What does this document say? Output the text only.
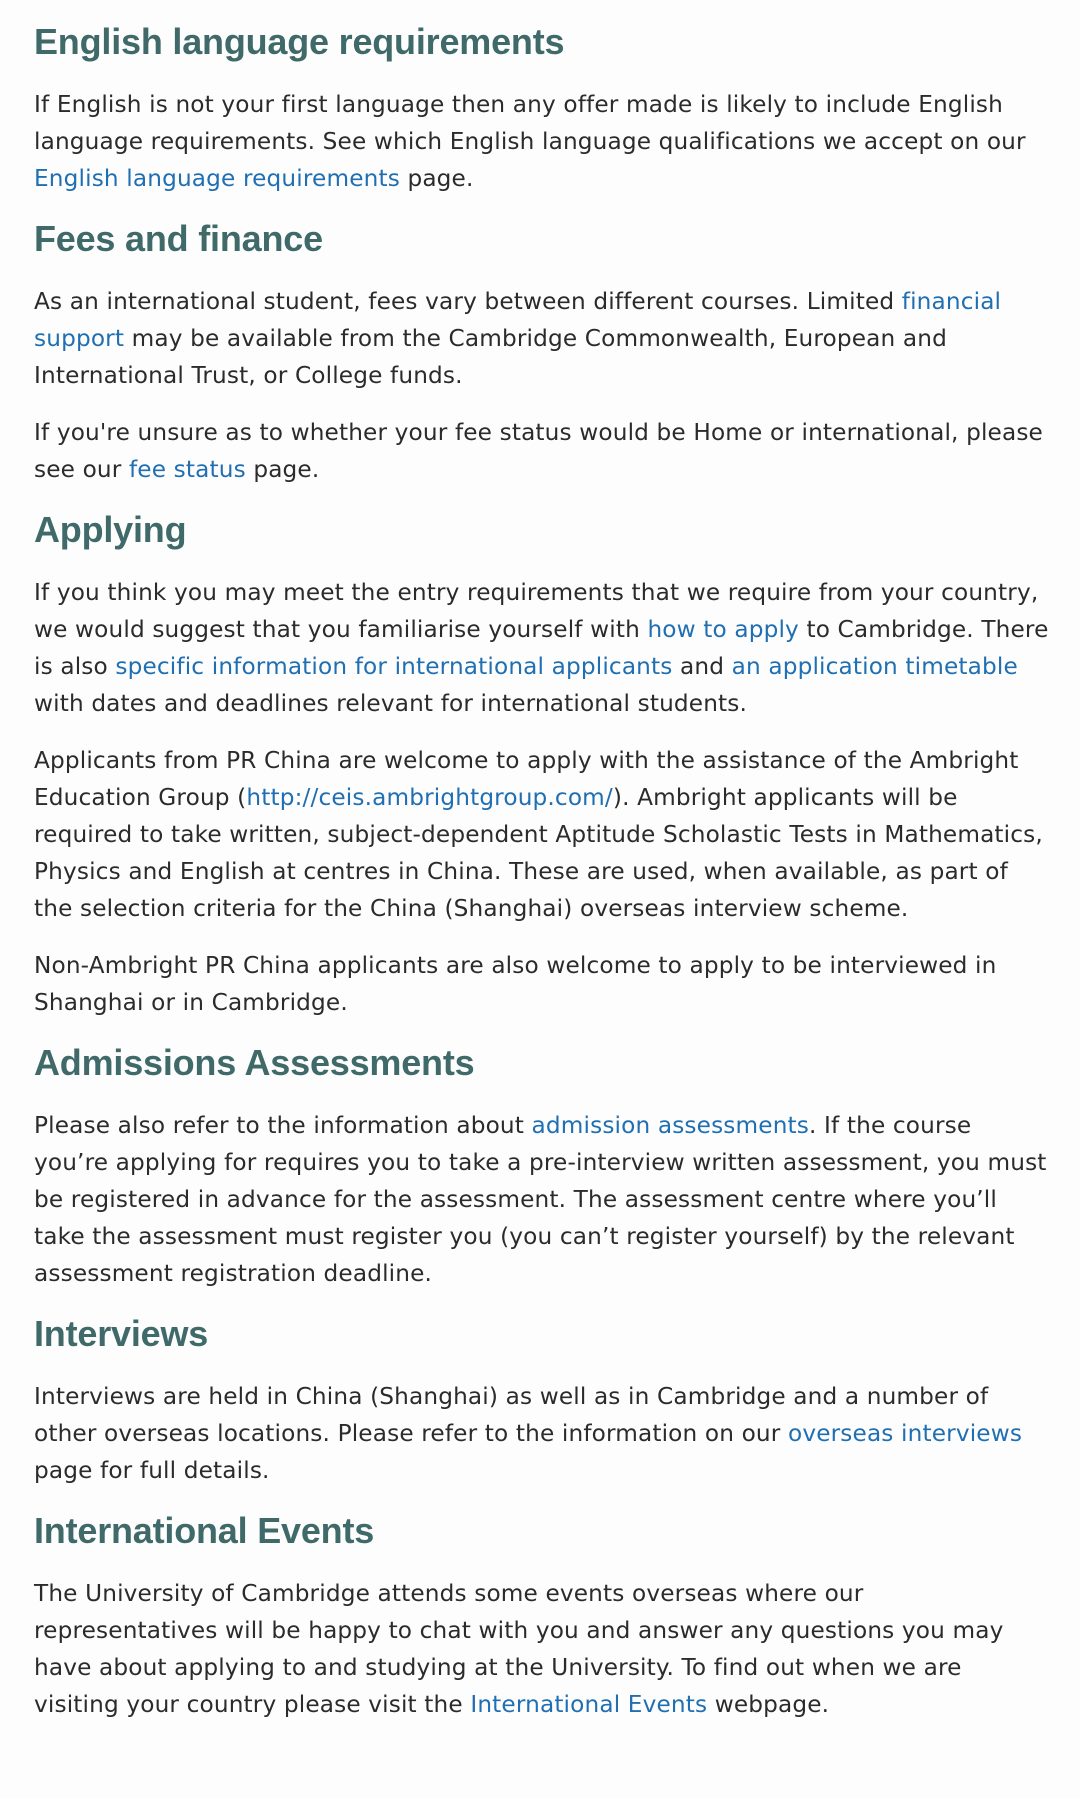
English language requirements

If English is not your first language then any offer made is likely to include English language requirements. See which English language qualifications we accept on our English language requirements page.

Fees and finance

As an international student, fees vary between different courses. Limited financial support may be available from the Cambridge Commonwealth, European and International Trust, or College funds.

If you're unsure as to whether your fee status would be Home or international, please see our fee status page.

Applying

If you think you may meet the entry requirements that we require from your country, we would suggest that you familiarise yourself with how to apply to Cambridge. There is also specific information for international applicants and an application timetable with dates and deadlines relevant for international students.

Applicants from PR China are welcome to apply with the assistance of the Ambright Education Group (http://ceis.ambrightgroup.com/). Ambright applicants will be required to take written, subject-dependent Aptitude Scholastic Tests in Mathematics, Physics and English at centres in China. These are used, when available, as part of the selection criteria for the China (Shanghai) overseas interview scheme.

Non-Ambright PR China applicants are also welcome to apply to be interviewed in Shanghai or in Cambridge.

Admissions Assessments

Please also refer to the information about admission assessments. If the course you’re applying for requires you to take a pre-interview written assessment, you must be registered in advance for the assessment. The assessment centre where you’ll take the assessment must register you (you can’t register yourself) by the relevant assessment registration deadline.

Interviews

Interviews are held in China (Shanghai) as well as in Cambridge and a number of other overseas locations. Please refer to the information on our overseas interviews page for full details.

International Events

The University of Cambridge attends some events overseas where our representatives will be happy to chat with you and answer any questions you may have about applying to and studying at the University. To find out when we are visiting your country please visit the International Events webpage.
